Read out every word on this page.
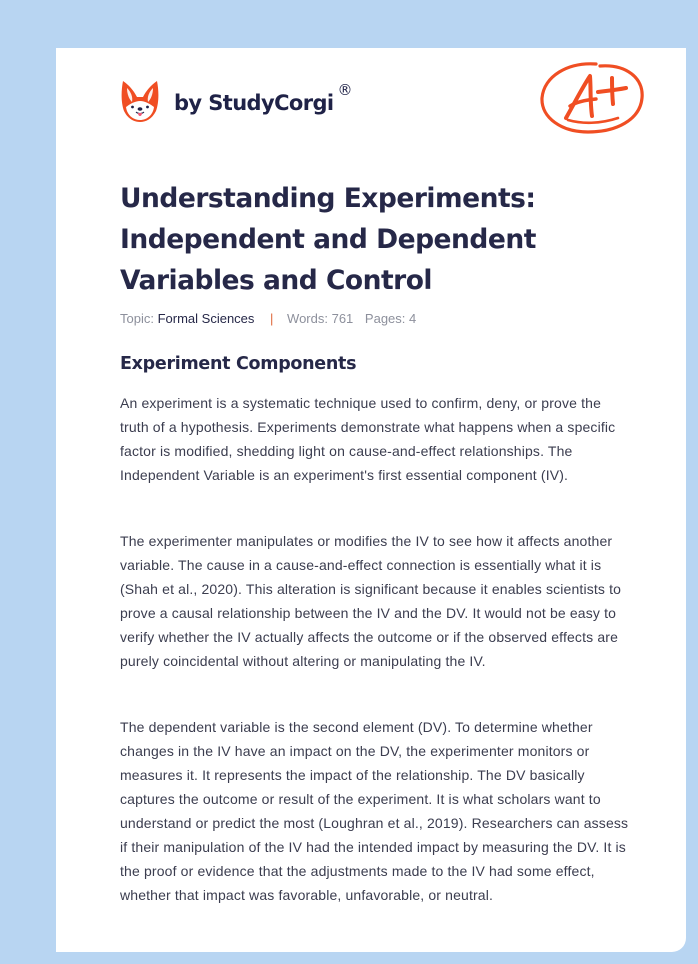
by StudyCorgi
®
Understanding Experiments: Independent and Dependent Variables and Control
Topic: Formal Sciences | Words: 761 Pages: 4
Experiment Components

An experiment is a systematic technique used to confirm, deny, or prove the truth of a hypothesis. Experiments demonstrate what happens when a specific factor is modified, shedding light on cause-and-effect relationships. The Independent Variable is an experiment's first essential component (IV).

The experimenter manipulates or modifies the IV to see how it affects another variable. The cause in a cause-and-effect connection is essentially what it is (Shah et al., 2020). This alteration is significant because it enables scientists to prove a causal relationship between the IV and the DV. It would not be easy to verify whether the IV actually affects the outcome or if the observed effects are purely coincidental without altering or manipulating the IV.

The dependent variable is the second element (DV). To determine whether changes in the IV have an impact on the DV, the experimenter monitors or measures it. It represents the impact of the relationship. The DV basically captures the outcome or result of the experiment. It is what scholars want to understand or predict the most (Loughran et al., 2019). Researchers can assess if their manipulation of the IV had the intended impact by measuring the DV. It is the proof or evidence that the adjustments made to the IV had some effect, whether that impact was favorable, unfavorable, or neutral.
